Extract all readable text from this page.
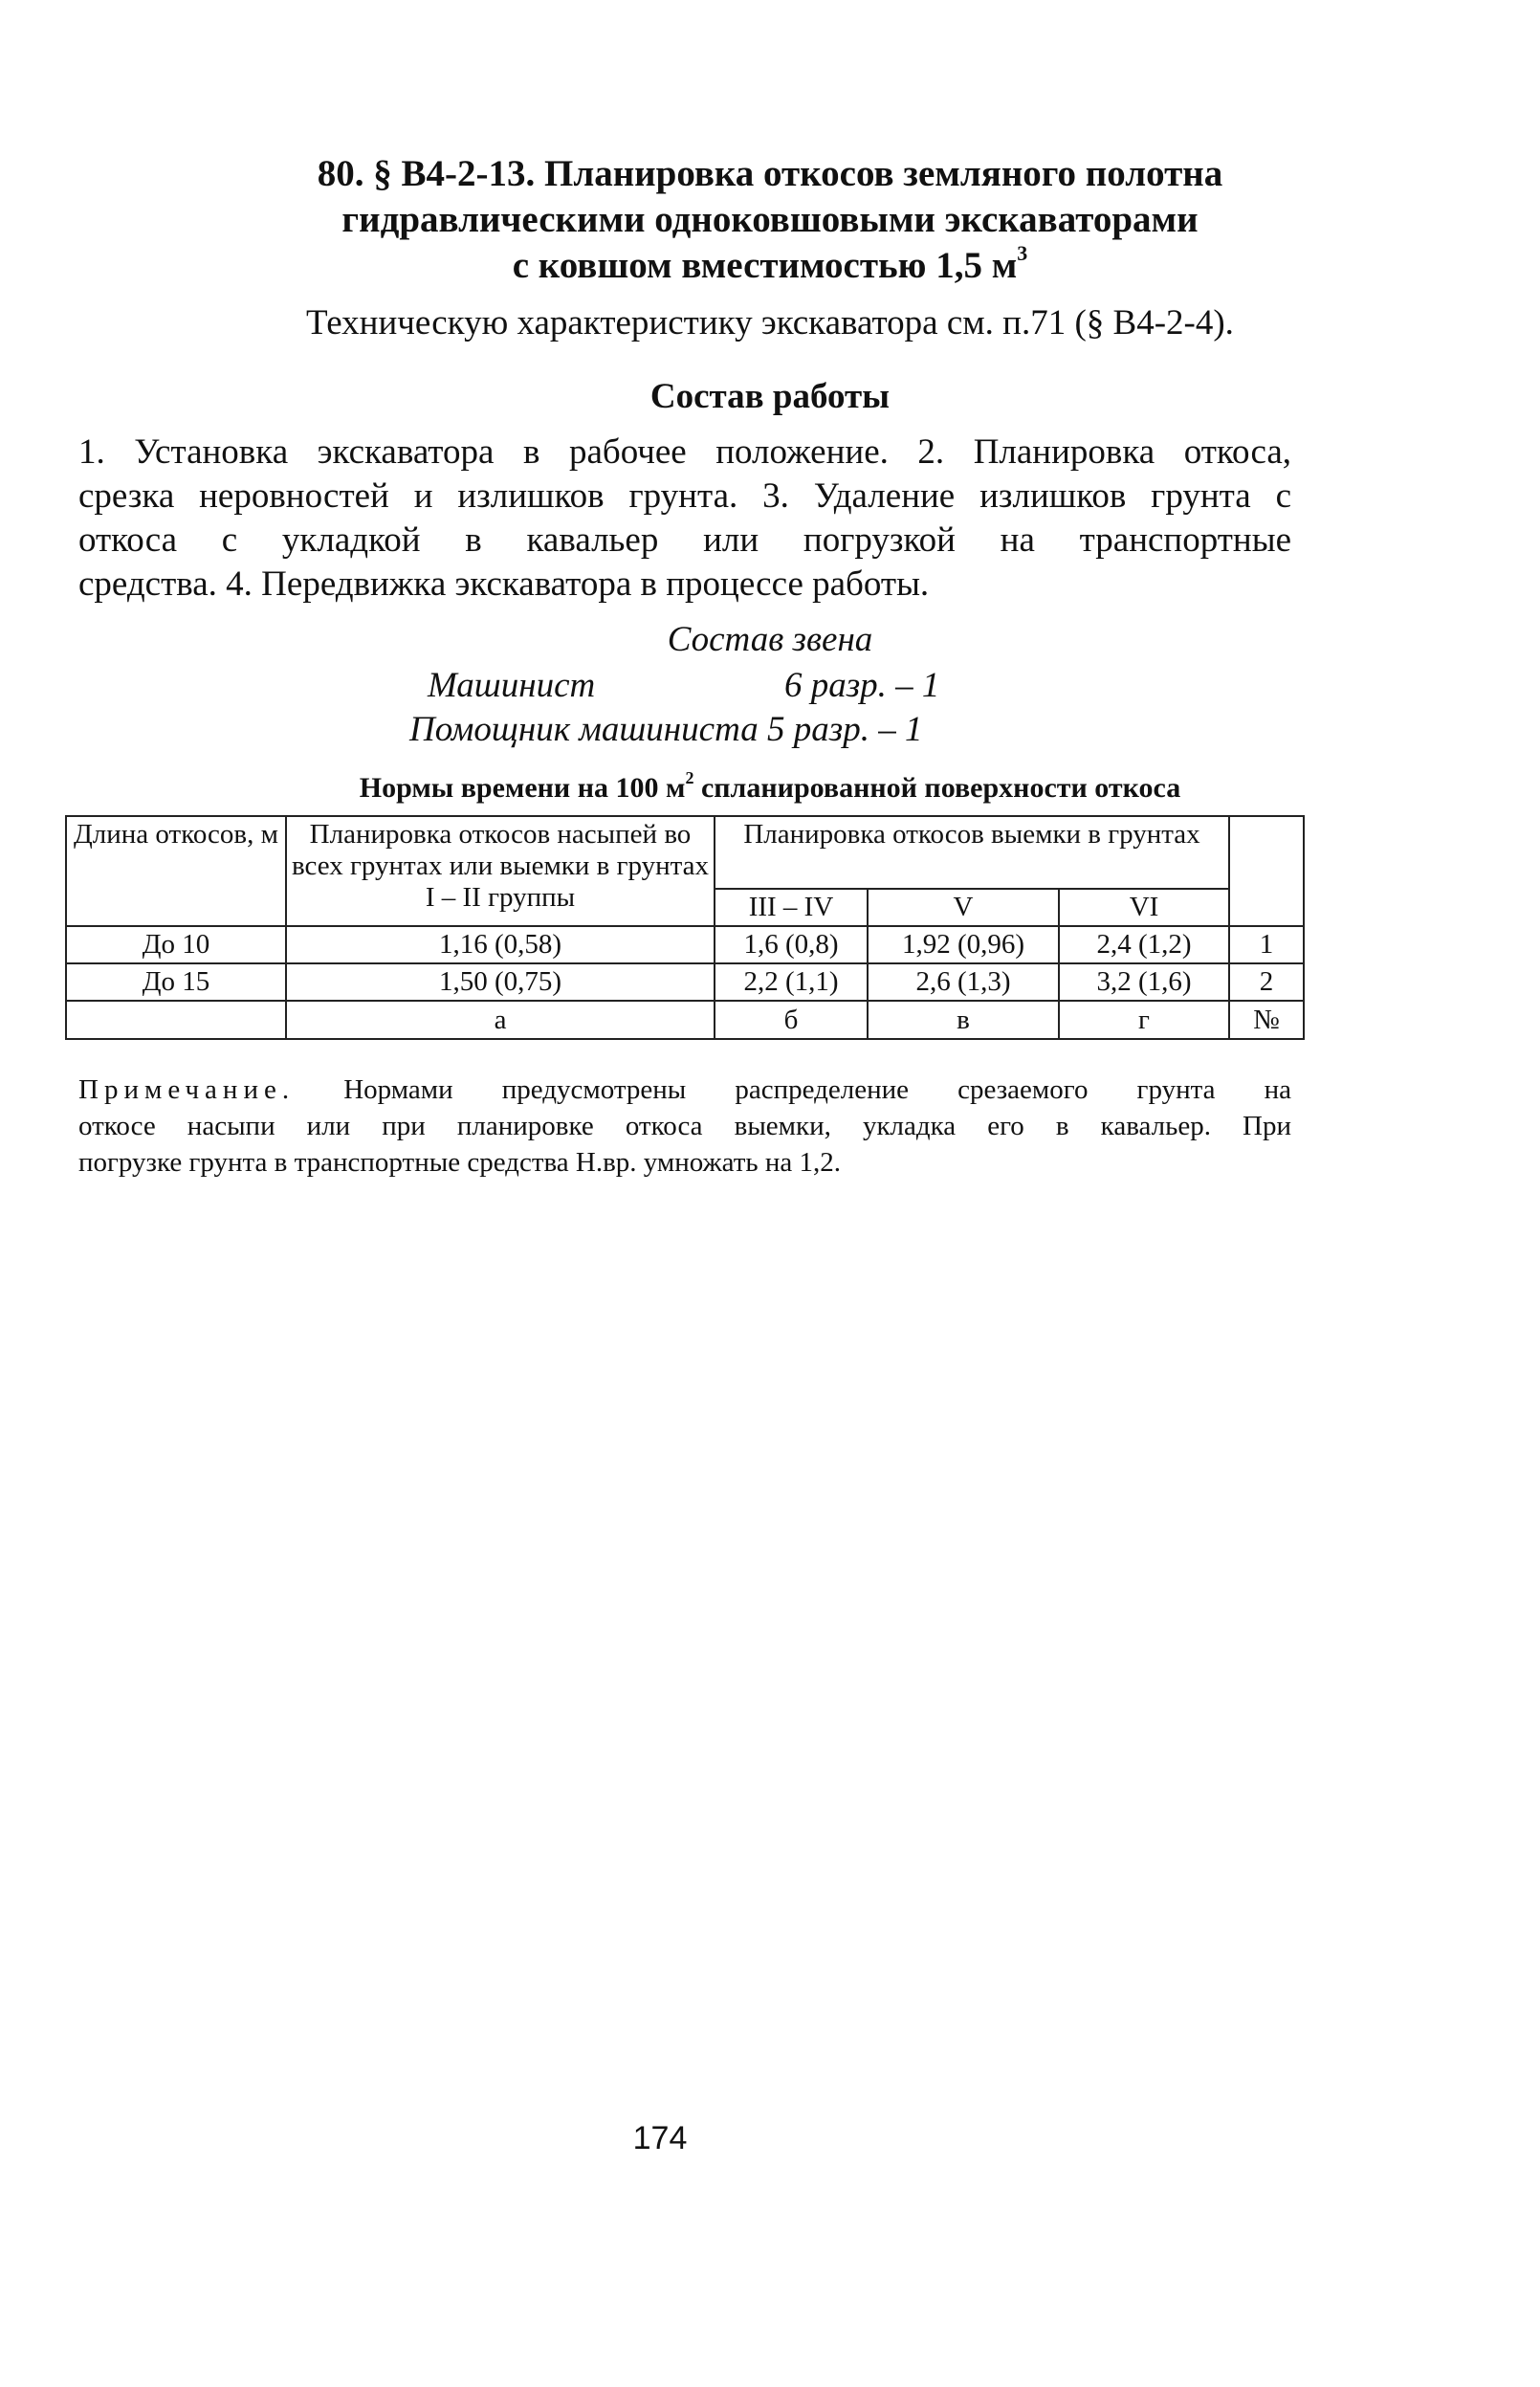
80. § В4-2-13. Планировка откосов земляного полотна
гидравлическими одноковшовыми экскаваторами
с ковшом вместимостью 1,5 $м^3$
Техническую характеристику экскаватора см. п.71 (§ В4-2-4).
Состав работы
1. Установка экскаватора в рабочее положение. 2. Планировка откоса,
срезка неровностей и излишков грунта. 3. Удаление излишков грунта с
откоса с укладкой в кавальер или погрузкой на транспортные
средства. 4. Передвижка экскаватора в процессе работы.
Состав звена
Машинист	6 разр. – 1
Помощник машиниста 5 разр. – 1
Нормы времени на 100 $м^2$ спланированной поверхности откоса
Длина откосов, м	Планировка откосов насыпей во всех грунтах или выемки в грунтах I – II группы	Планировка откосов выемки в грунтах			
		III – IV	V	VI	
До 10	1,16 (0,58)	1,6 (0,8)	1,92 (0,96)	2,4 (1,2)	1
До 15	1,50 (0,75)	2,2 (1,1)	2,6 (1,3)	3,2 (1,6)	2
	а	б	в	г	№
Примечание. Нормами предусмотрены распределение срезаемого грунта на
откосе насыпи или при планировке откоса выемки, укладка его в кавальер. При
погрузке грунта в транспортные средства Н.вр. умножать на 1,2.
174
